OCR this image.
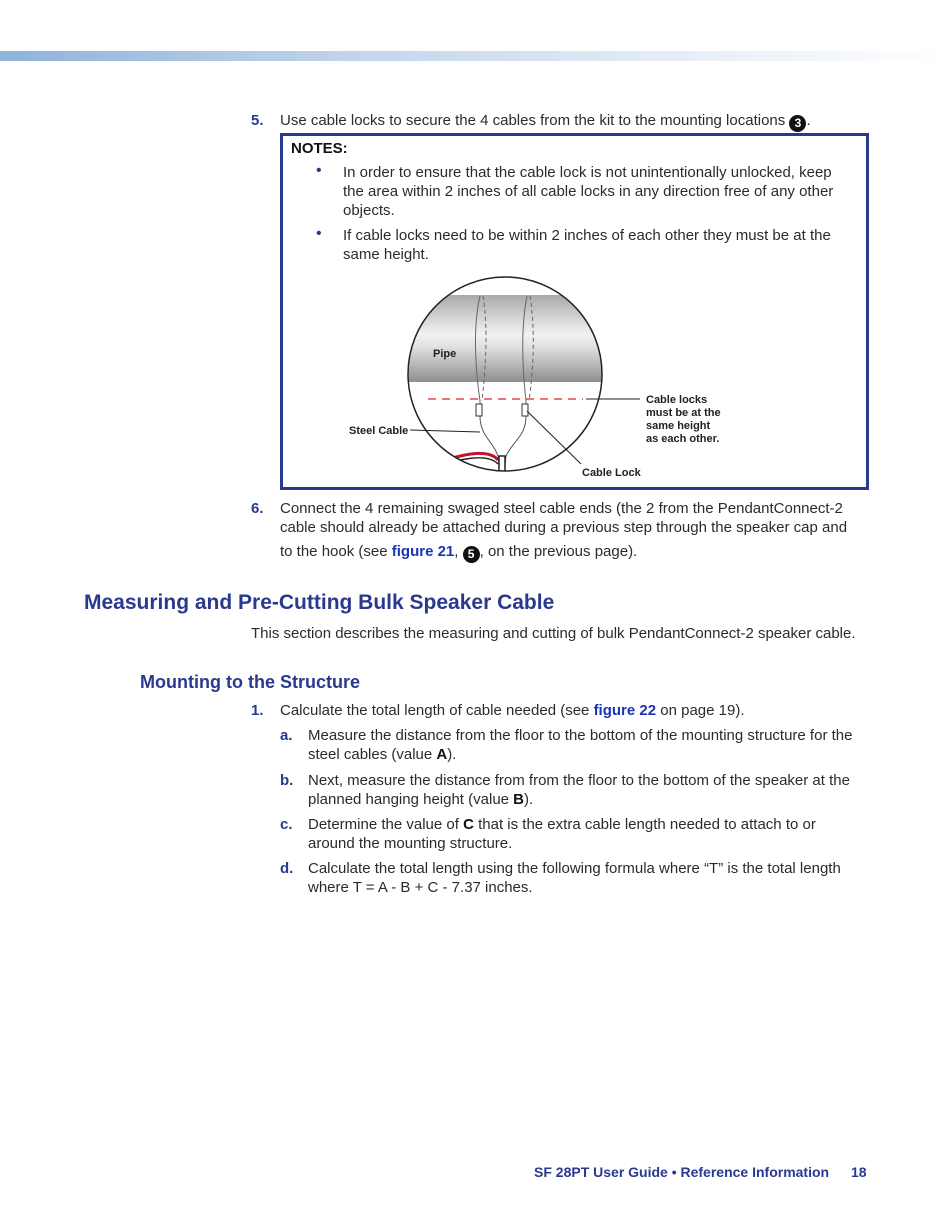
5. Use cable locks to secure the 4 cables from the kit to the mounting locations 3 .
NOTES:
• In order to ensure that the cable lock is not unintentionally unlocked, keep
the area within 2 inches of all cable locks in any direction free of any other
objects.
• If cable locks need to be within 2 inches of each other they must be at the
same height.
Pipe
Steel Cable
Cable Lock
Cable locks
must be at the
same height
as each other.
6. Connect the 4 remaining swaged steel cable ends (the 2 from the PendantConnect-2
cable should already be attached during a previous step through the speaker cap and
to the hook (see figure 21, 5 , on the previous page).
Measuring and Pre-Cutting Bulk Speaker Cable
This section describes the measuring and cutting of bulk PendantConnect-2 speaker cable.
Mounting to the Structure
1. Calculate the total length of cable needed (see figure 22 on page 19).
a. Measure the distance from the floor to the bottom of the mounting structure for the
steel cables (value A).
b. Next, measure the distance from from the floor to the bottom of the speaker at the
planned hanging height (value B).
c. Determine the value of C that is the extra cable length needed to attach to or
around the mounting structure.
d. Calculate the total length using the following formula where “T” is the total length
where T = A - B + C - 7.37 inches.
SF 28PT User Guide • Reference Information 18
